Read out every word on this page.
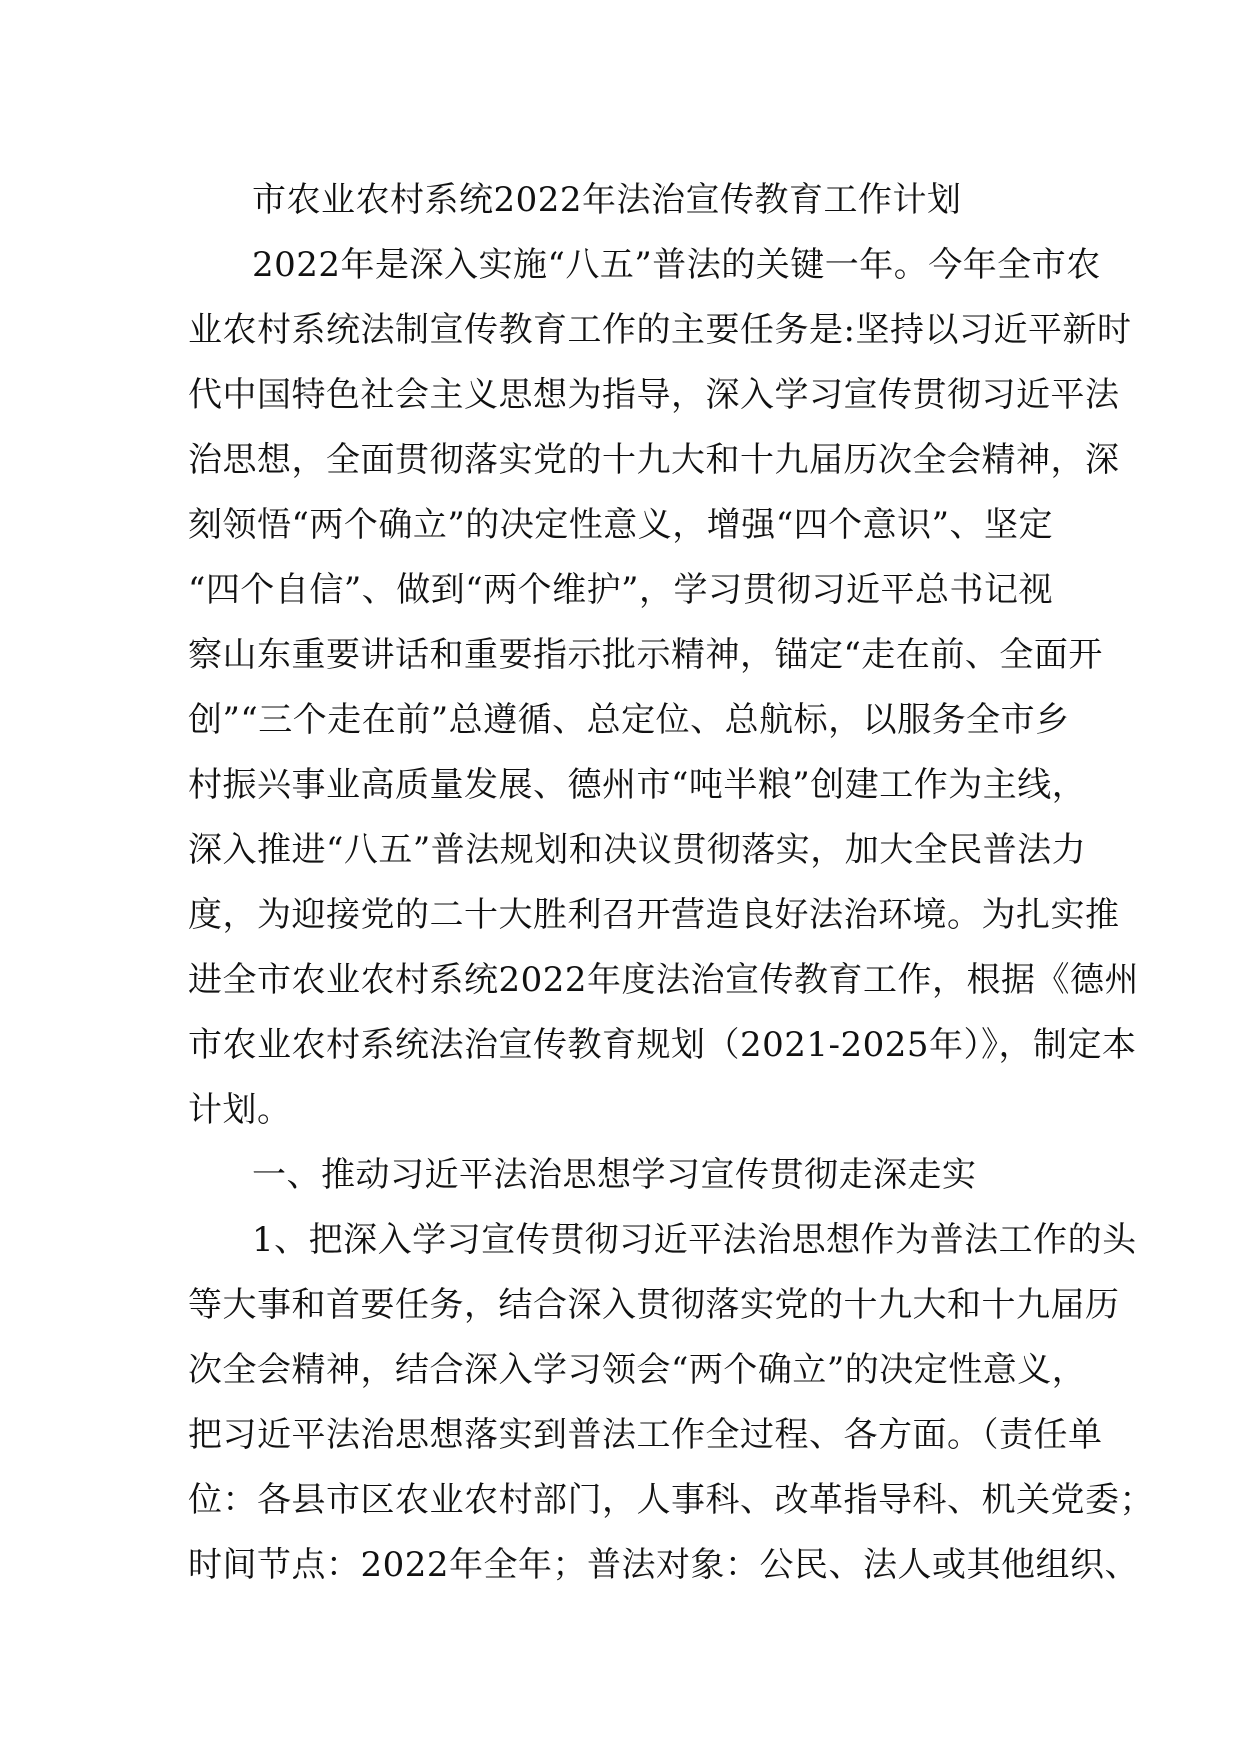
市农业农村系统2022年法治宣传教育工作计划
2022年是深入实施“八五”普法的关键一年。今年全市农
业农村系统法制宣传教育工作的主要任务是:坚持以习近平新时
代中国特色社会主义思想为指导，深入学习宣传贯彻习近平法
治思想，全面贯彻落实党的十九大和十九届历次全会精神，深
刻领悟“两个确立”的决定性意义，增强“四个意识”、坚定
“四个自信”、做到“两个维护”，学习贯彻习近平总书记视
察山东重要讲话和重要指示批示精神，锚定“走在前、全面开
创”“三个走在前”总遵循、总定位、总航标，以服务全市乡
村振兴事业高质量发展、德州市“吨半粮”创建工作为主线，
深入推进“八五”普法规划和决议贯彻落实，加大全民普法力
度，为迎接党的二十大胜利召开营造良好法治环境。为扎实推
进全市农业农村系统2022年度法治宣传教育工作，根据《德州
市农业农村系统法治宣传教育规划（2021-2025年）》，制定本
计划。
一、推动习近平法治思想学习宣传贯彻走深走实
1、把深入学习宣传贯彻习近平法治思想作为普法工作的头
等大事和首要任务，结合深入贯彻落实党的十九大和十九届历
次全会精神，结合深入学习领会“两个确立”的决定性意义，
把习近平法治思想落实到普法工作全过程、各方面。（责任单
位：各县市区农业农村部门，人事科、改革指导科、机关党委；
时间节点：2022年全年；普法对象：公民、法人或其他组织、
